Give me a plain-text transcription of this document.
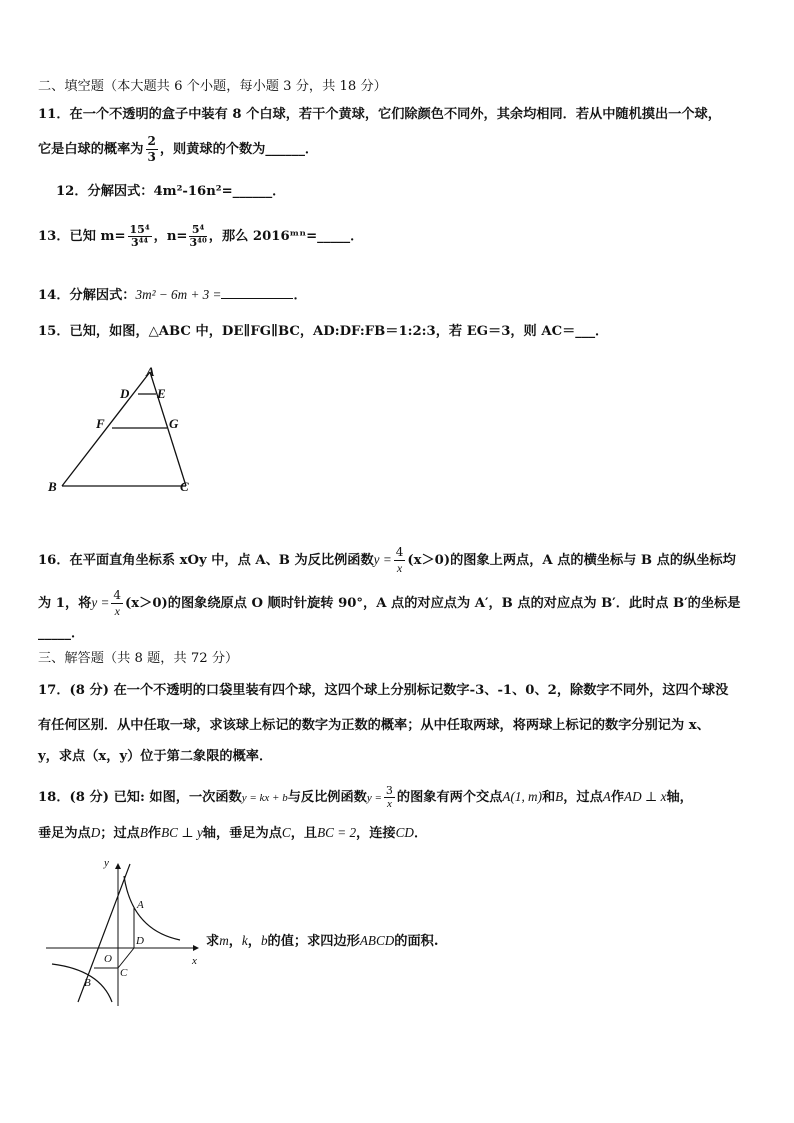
二、填空题（本大题共 6 个小题，每小题 3 分，共 18 分）
11．在一个不透明的盒子中装有 8 个白球，若干个黄球，它们除颜色不同外，其余均相同．若从中随机摸出一个球，
它是白球的概率为 $\frac{2}{3}$ ，则黄球的个数为______．
12．分解因式：4m²-16n²=______．
13．已知 $m= \frac{\text{15⁴}}{\text{3⁴⁴}}$ ，$n= \frac{\text{5⁴}}{\text{3⁴⁰}}$ ，那么 2016ᵐⁿ=_____．
14．分解因式：3m² − 6m + 3 =	．
15．已知，如图，△ABC 中，DE∥FG∥BC，AD:DF:FB＝1:2:3，若 EG＝3，则 AC＝___．
A
D E
F	G
B	C
16．在平面直角坐标系 xOy 中，点 A、B 为反比例函数$y = \frac{4}{x} (x>0)$的图象上两点，A 点的横坐标与 B 点的纵坐标均
为 1，将$y = \frac{4}{x} (x>0)$的图象绕原点 O 顺时针旋转 90°，A 点的对应点为 A′，B 点的对应点为 B′．此时点 B′的坐标是
_____．
三、解答题（共 8 题，共 72 分）
17．(8 分) 在一个不透明的口袋里装有四个球，这四个球上分别标记数字-3、-1、0、2，除数字不同外，这四个球没
有任何区别．从中任取一球，求该球上标记的数字为正数的概率；从中任取两球，将两球上标记的数字分别记为 x、
y，求点（x，y）位于第二象限的概率．
18．(8 分) 已知: 如图，一次函数y = kx + b与反比例函数$y = \frac{3}{x}$ 的图象有两个交点A(1, m)和B，过点A作AD ⊥ x轴，
垂足为点D；过点B作BC ⊥ y轴，垂足为点C，且BC = 2，连接CD．
y
x
O
A
D
C
B
求m，k，b的值；求四边形ABCD的面积.
